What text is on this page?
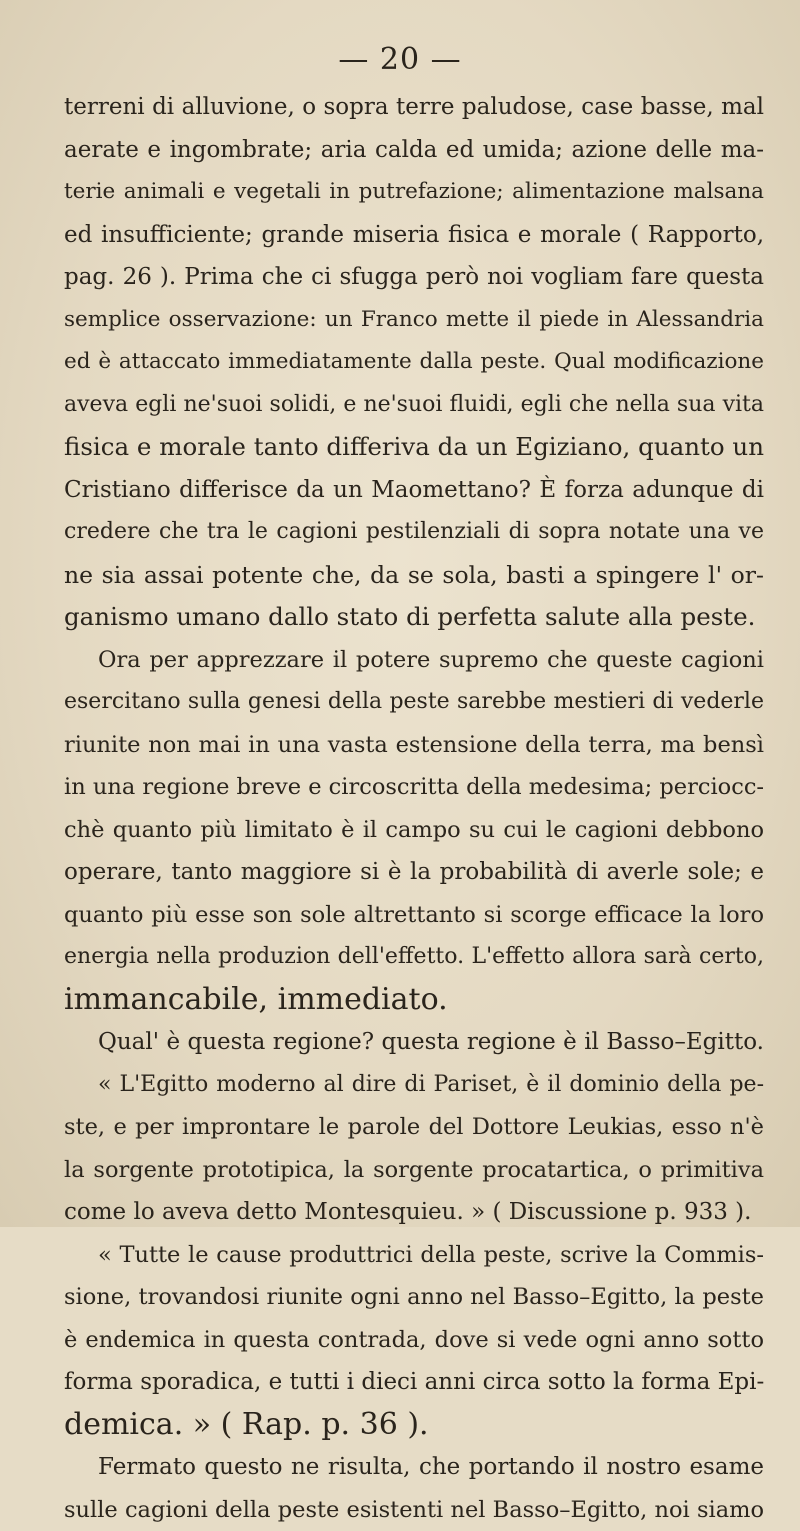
— 20 —
terreni di alluvione, o sopra terre paludose, case basse, mal
aerate e ingombrate; aria calda ed umida; azione delle ma-
terie animali e vegetali in putrefazione; alimentazione malsana
ed insufficiente; grande miseria fisica e morale ( Rapporto,
pag. 26 ). Prima che ci sfugga però noi vogliam fare questa
semplice osservazione: un Franco mette il piede in Alessandria
ed è attaccato immediatamente dalla peste. Qual modificazione
aveva egli ne'suoi solidi, e ne'suoi fluidi, egli che nella sua vita
fisica e morale tanto differiva da un Egiziano, quanto un
Cristiano differisce da un Maomettano? È forza adunque di
credere che tra le cagioni pestilenziali di sopra notate una ve
ne sia assai potente che, da se sola, basti a spingere l' or-
ganismo umano dallo stato di perfetta salute alla peste.
Ora per apprezzare il potere supremo che queste cagioni
esercitano sulla genesi della peste sarebbe mestieri di vederle
riunite non mai in una vasta estensione della terra, ma bensì
in una regione breve e circoscritta della medesima; perciocc-
chè quanto più limitato è il campo su cui le cagioni debbono
operare, tanto maggiore si è la probabilità di averle sole; e
quanto più esse son sole altrettanto si scorge efficace la loro
energia nella produzion dell'effetto. L'effetto allora sarà certo,
immancabile, immediato.
Qual' è questa regione? questa regione è il Basso–Egitto.
« L'Egitto moderno al dire di Pariset, è il dominio della pe-
ste, e per improntare le parole del Dottore Leukias, esso n'è
la sorgente prototipica, la sorgente procatartica, o primitiva
come lo aveva detto Montesquieu. » ( Discussione p. 933 ).
« Tutte le cause produttrici della peste, scrive la Commis-
sione, trovandosi riunite ogni anno nel Basso–Egitto, la peste
è endemica in questa contrada, dove si vede ogni anno sotto
forma sporadica, e tutti i dieci anni circa sotto la forma Epi-
demica. » ( Rap. p. 36 ).
Fermato questo ne risulta, che portando il nostro esame
sulle cagioni della peste esistenti nel Basso–Egitto, noi siamo
